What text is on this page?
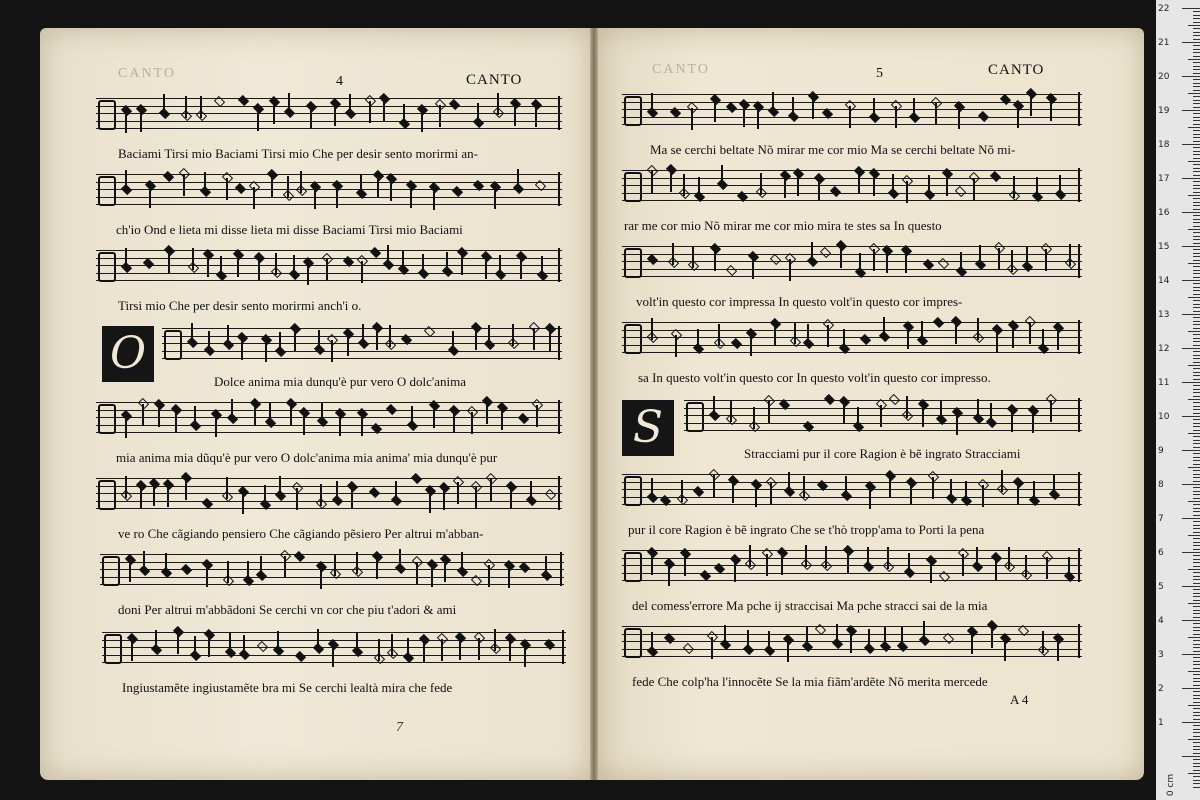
CANTO
4	CANTO
CANTO	5	CANTO
Baciami Tirsi mio Baciami Tirsi mio Che per desir sento morirmi an-
ch'io Ond e lieta mi disse lieta mi disse Baciami Tirsi mio Baciami
Tirsi mio Che per desir sento morirmi anch'i o.
O
Dolce anima mia dunqu'è pur vero O dolc'anima
mia anima mia dũqu'è pur vero O dolc'anima mia anima' mia dunqu'è pur
ve ro Che cãgiando pensiero Che cãgiando pẽsiero Per altrui m'abban-
doni Per altrui m'abbãdoni Se cerchi vn cor che piu t'adori & ami
Ingiustamẽte ingiustamẽte bra mi Se cerchi lealtà mira che fede
7
Ma se cerchi beltate Nõ mirar me cor mio Ma se cerchi beltate Nõ mi-
rar me cor mio Nõ mirar me cor mio mira te stes sa In questo
volt'in questo cor impressa In questo volt'in questo cor impres-
sa In questo volt'in questo cor In questo volt'in questo cor impresso.
S
Stracciami pur il core Ragion è bẽ ingrato Stracciami
pur il core Ragion è bẽ ingrato Che se t'hò tropp'ama to Porti la pena
del comess'errore Ma pche ij straccisai Ma pche stracci sai de la mia
fede Che colp'ha l'innocẽte Se la mia fiãm'ardẽte Nõ merita mercede
A 4
0 cm
22
21
20
19
18
17
16
15
14
13
12
11
10
9
8
7
6
5
4
3
2
1
